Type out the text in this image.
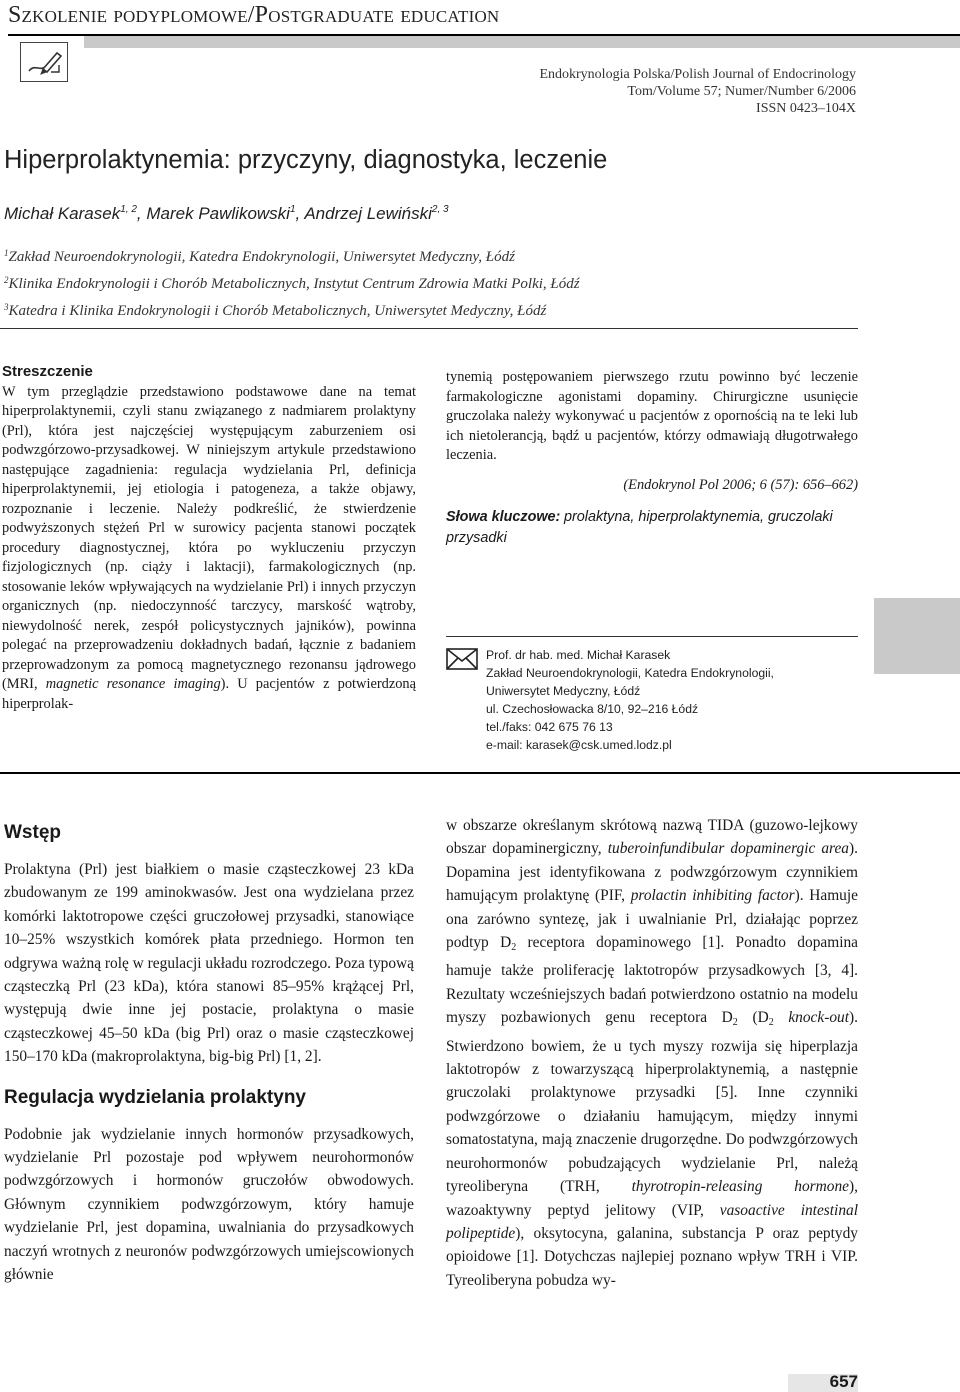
Szkolenie podyplomowe/Postgraduate education
Endokrynologia Polska/Polish Journal of Endocrinology
Tom/Volume 57; Numer/Number 6/2006
ISSN 0423–104X
Hiperprolaktynemia: przyczyny, diagnostyka, leczenie
Michał Karasek$^{1, 2}$, Marek Pawlikowski$^1$, Andrzej Lewiński$^{2, 3}$
$^1$Zakład Neuroendokrynologii, Katedra Endokrynologii, Uniwersytet Medyczny, Łódź
$^2$Klinika Endokrynologii i Chorób Metabolicznych, Instytut Centrum Zdrowia Matki Polki, Łódź
$^3$Katedra i Klinika Endokrynologii i Chorób Metabolicznych, Uniwersytet Medyczny, Łódź
Streszczenie
W tym przeglądzie przedstawiono podstawowe dane na temat hiperprolaktynemii, czyli stanu związanego z nadmiarem prolaktyny (Prl), która jest najczęściej występującym zaburzeniem osi podwzgórzowo-przysadkowej. W niniejszym artykule przedstawiono następujące zagadnienia: regulacja wydzielania Prl, definicja hiperprolaktynemii, jej etiologia i patogeneza, a także objawy, rozpoznanie i leczenie. Należy podkreślić, że stwierdzenie podwyższonych stężeń Prl w surowicy pacjenta stanowi początek procedury diagnostycznej, która po wykluczeniu przyczyn fizjologicznych (np. ciąży i laktacji), farmakologicznych (np. stosowanie leków wpływających na wydzielanie Prl) i innych przyczyn organicznych (np. niedoczynność tarczycy, marskość wątroby, niewydolność nerek, zespół policystycznych jajników), powinna polegać na przeprowadzeniu dokładnych badań, łącznie z badaniem przeprowadzonym za pomocą magnetycznego rezonansu jądrowego (MRI, magnetic resonance imaging). U pacjentów z potwierdzoną hiperprolak-
tynemią postępowaniem pierwszego rzutu powinno być leczenie farmakologiczne agonistami dopaminy. Chirurgiczne usunięcie gruczolaka należy wykonywać u pacjentów z opornością na te leki lub ich nietolerancją, bądź u pacjentów, którzy odmawiają długotrwałego leczenia.
(Endokrynol Pol 2006; 6 (57): 656–662)
Słowa kluczowe: prolaktyna, hiperprolaktynemia, gruczolaki przysadki
Prof. dr hab. med. Michał Karasek
Zakład Neuroendokrynologii, Katedra Endokrynologii,
Uniwersytet Medyczny, Łódź
ul. Czechosłowacka 8/10, 92–216 Łódź
tel./faks: 042 675 76 13
e-mail: karasek@csk.umed.lodz.pl
Wstęp

Prolaktyna (Prl) jest białkiem o masie cząsteczkowej 23 kDa zbudowanym ze 199 aminokwasów. Jest ona wydzielana przez komórki laktotropowe części gruczołowej przysadki, stanowiące 10–25% wszystkich komórek płata przedniego. Hormon ten odgrywa ważną rolę w regulacji układu rozrodczego. Poza typową cząsteczką Prl (23 kDa), która stanowi 85–95% krążącej Prl, występują dwie inne jej postacie, prolaktyna o masie cząsteczkowej 45–50 kDa (big Prl) oraz o masie cząsteczkowej 150–170 kDa (makroprolaktyna, big-big Prl) [1, 2].

Regulacja wydzielania prolaktyny

Podobnie jak wydzielanie innych hormonów przysadkowych, wydzielanie Prl pozostaje pod wpływem neurohormonów podwzgórzowych i hormonów gruczołów obwodowych. Głównym czynnikiem podwzgórzowym, który hamuje wydzielanie Prl, jest dopamina, uwalniania do przysadkowych naczyń wrotnych z neuronów podwzgórzowych umiejscowionych głównie

w obszarze określanym skrótową nazwą TIDA (guzowo-lejkowy obszar dopaminergiczny, tuberoinfundibular dopaminergic area). Dopamina jest identyfikowana z podwzgórzowym czynnikiem hamującym prolaktynę (PIF, prolactin inhibiting factor). Hamuje ona zarówno syntezę, jak i uwalnianie Prl, działając poprzez podtyp $D_2$ receptora dopaminowego [1]. Ponadto dopamina hamuje także proliferację laktotropów przysadkowych [3, 4]. Rezultaty wcześniejszych badań potwierdzono ostatnio na modelu myszy pozbawionych genu receptora $D_2$ ($D_2$ knock-out). Stwierdzono bowiem, że u tych myszy rozwija się hiperplazja laktotropów z towarzyszącą hiperprolaktynemią, a następnie gruczolaki prolaktynowe przysadki [5]. Inne czynniki podwzgórzowe o działaniu hamującym, między innymi somatostatyna, mają znaczenie drugorzędne. Do podwzgórzowych neurohormonów pobudzających wydzielanie Prl, należą tyreoliberyna (TRH, thyrotropin-releasing hormone), wazoaktywny peptyd jelitowy (VIP, vasoactive intestinal polipeptide), oksytocyna, galanina, substancja P oraz peptydy opioidowe [1]. Dotychczas najlepiej poznano wpływ TRH i VIP. Tyreoliberyna pobudza wy-

657
